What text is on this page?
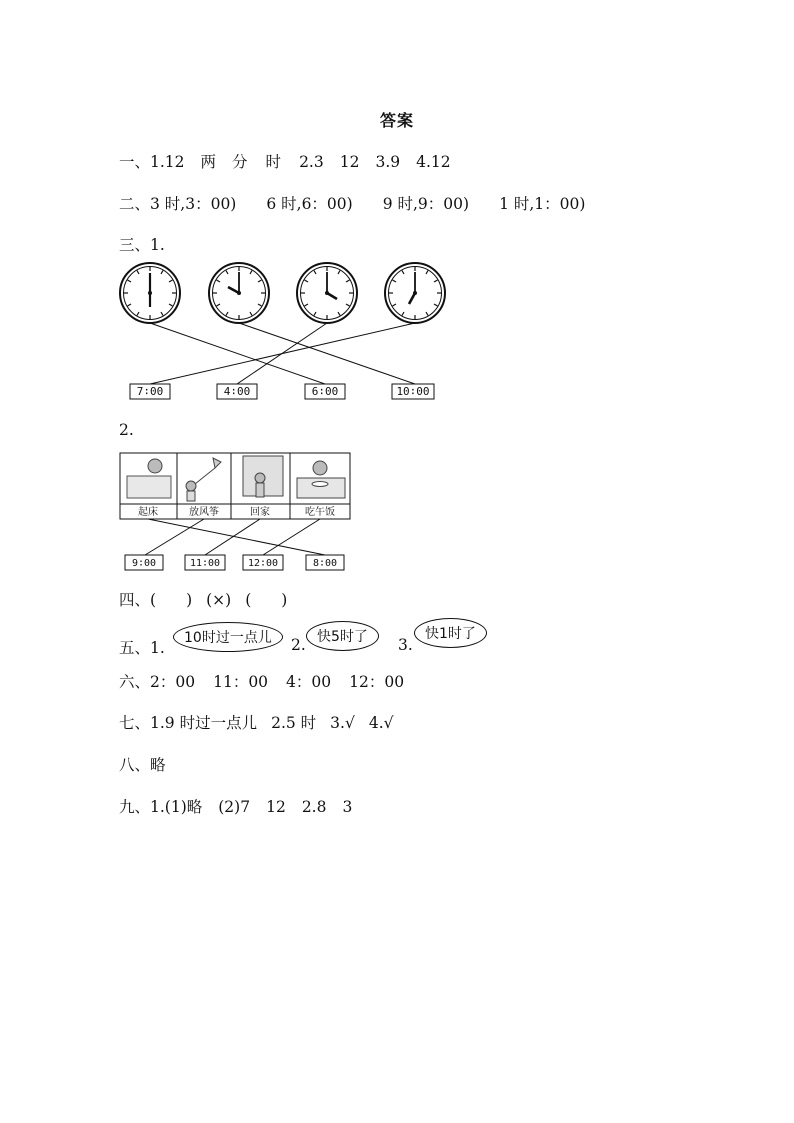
答案
一、1.12 两 分 时 2.3 12 3.9 4.12
二、3 时,3：00) 6 时,6：00) 9 时,9：00) 1 时,1：00)
三、1.
7∶00	4∶00	6∶00	10∶00
2.
起床	放风筝	回家	吃午饭
9∶00	11∶00	12∶00	8∶00
四、( ) (×) ( )
五、1.
10时过一点儿	2. 快5时了	3.
快1时了
六、2：00 11：00 4：00 12：00
七、1.9 时过一点儿 2.5 时 3.√ 4.√
八、略
九、1.(1)略 (2)7 12 2.8 3
